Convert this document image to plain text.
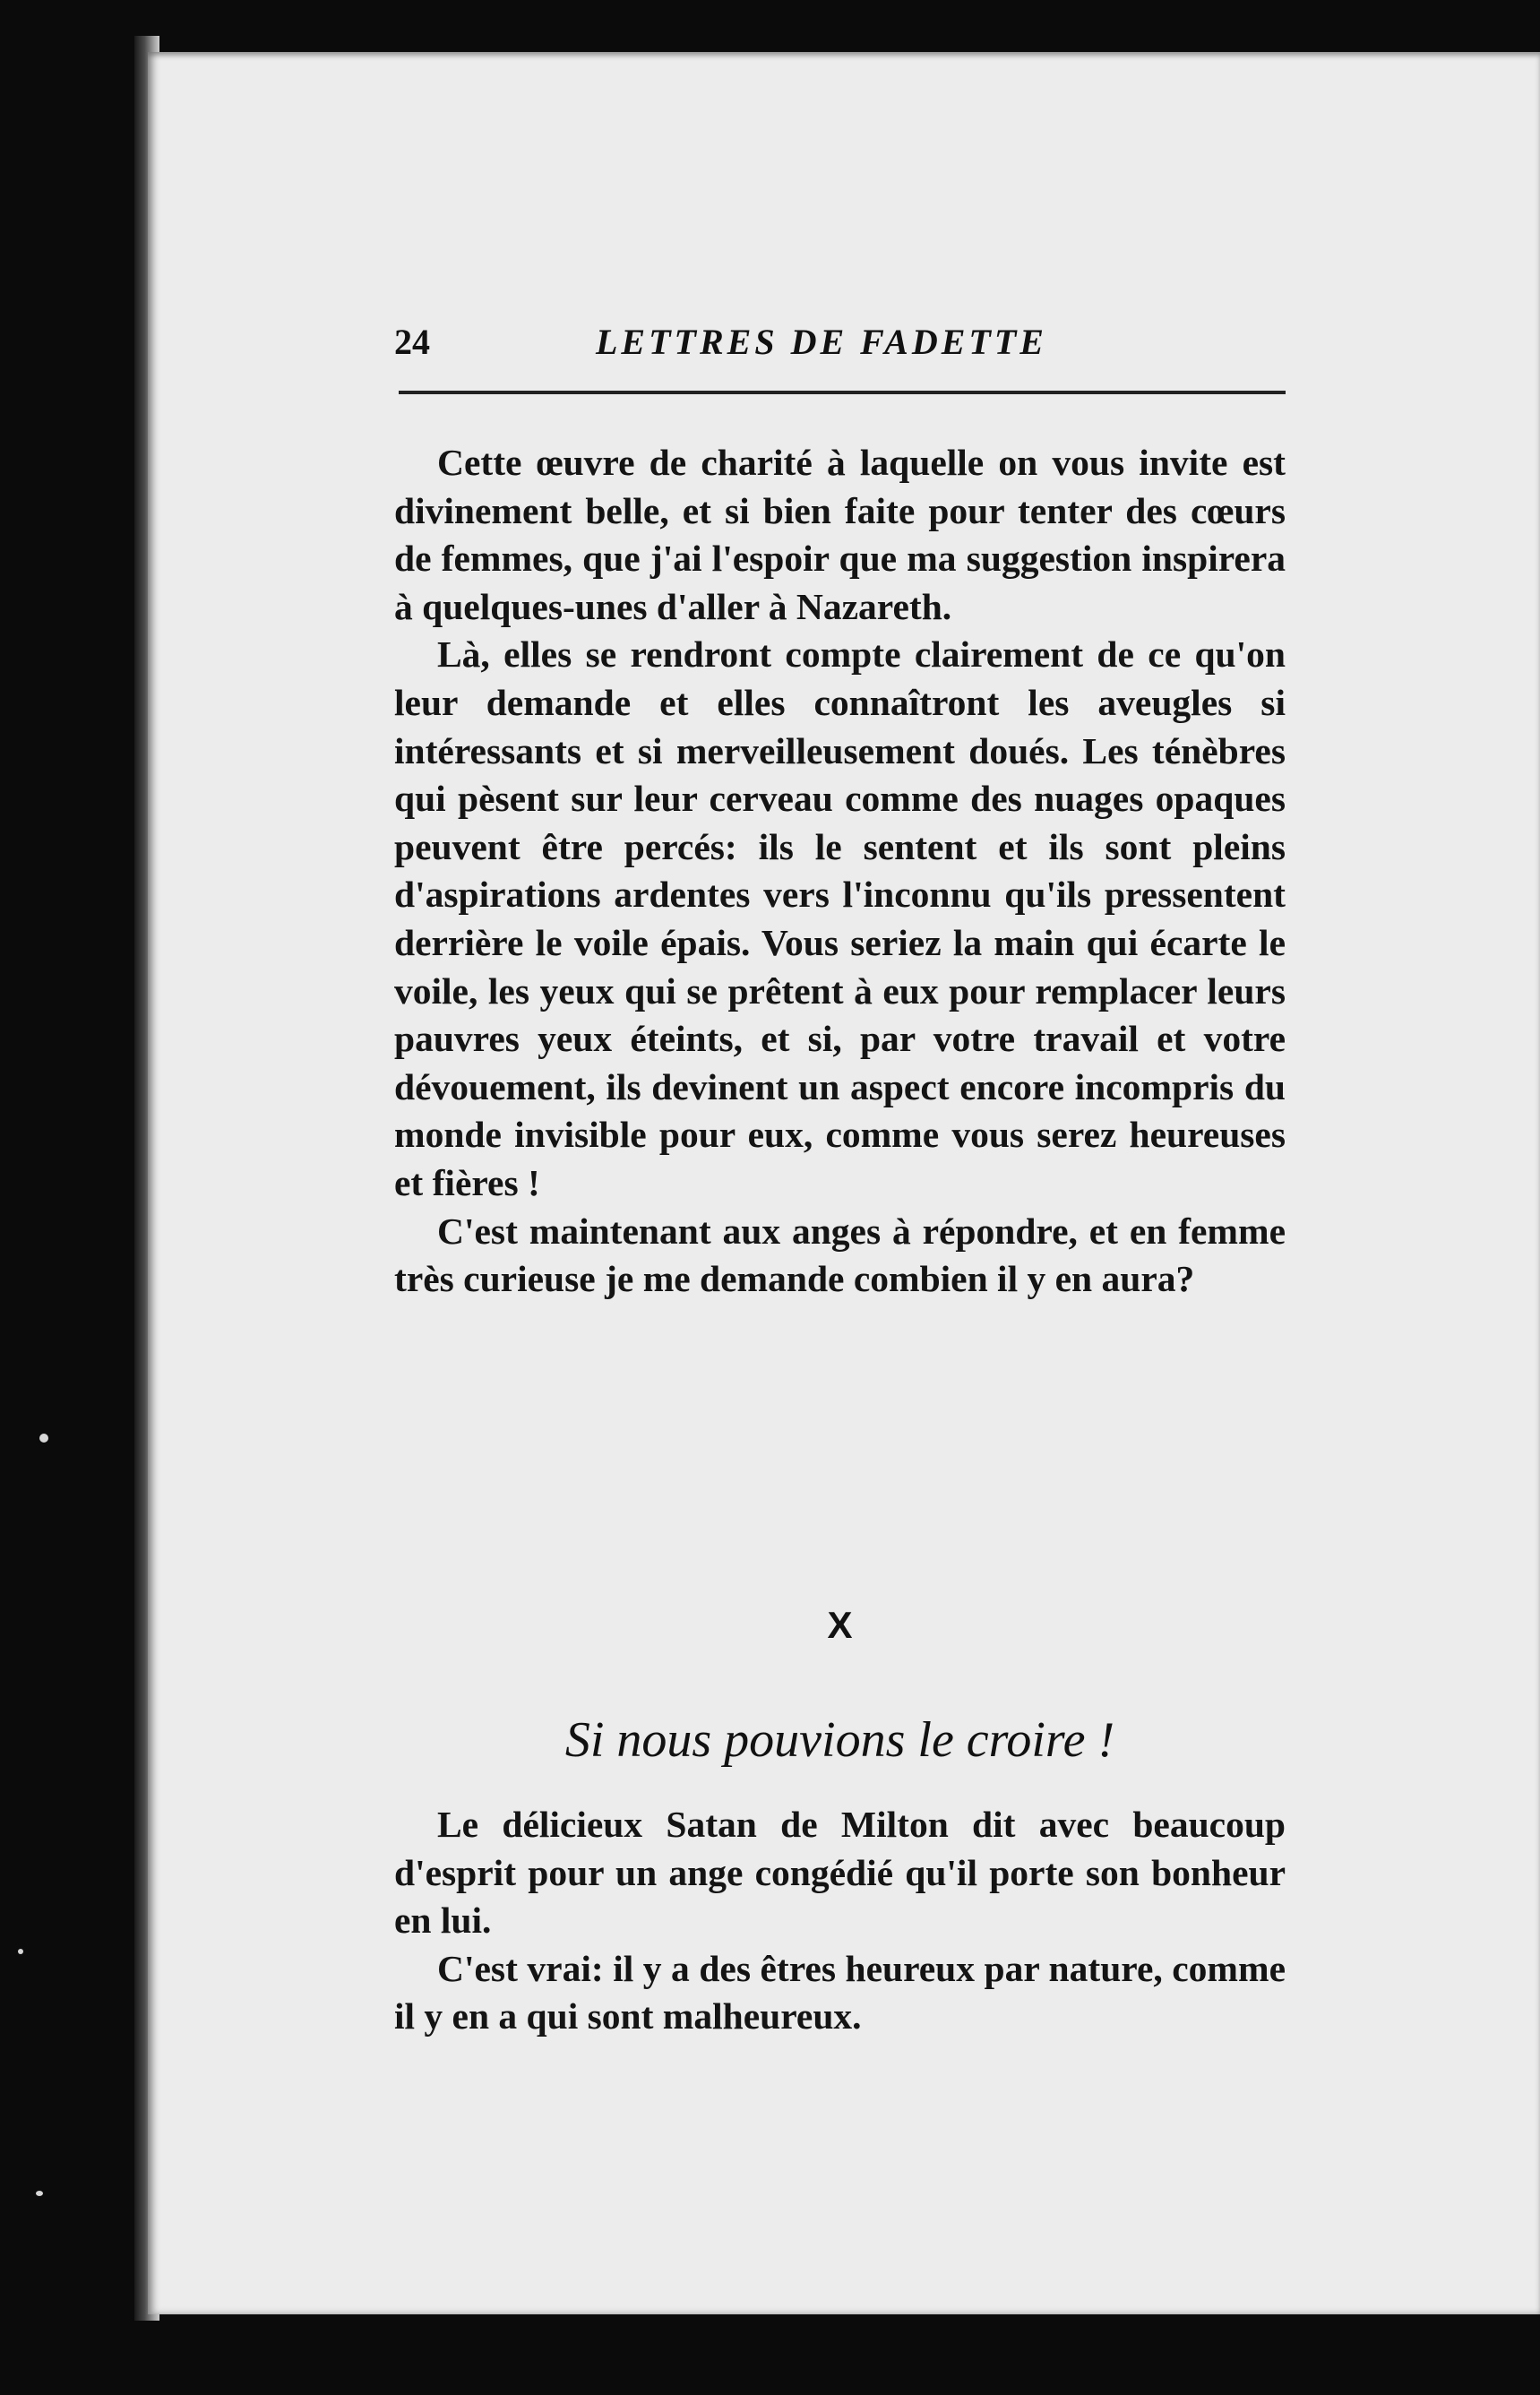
24	LETTRES DE FADETTE

Cette œuvre de charité à laquelle on vous invite est divinement belle, et si bien faite pour tenter des cœurs de femmes, que j'ai l'espoir que ma suggestion inspirera à quelques-unes d'aller à Nazareth.

Là, elles se rendront compte clairement de ce qu'on leur demande et elles connaîtront les aveugles si intéressants et si merveilleusement doués. Les ténèbres qui pèsent sur leur cerveau comme des nuages opaques peuvent être percés: ils le sentent et ils sont pleins d'aspirations ardentes vers l'inconnu qu'ils pressentent derrière le voile épais. Vous seriez la main qui écarte le voile, les yeux qui se prêtent à eux pour remplacer leurs pauvres yeux éteints, et si, par votre travail et votre dévouement, ils devinent un aspect encore incompris du monde invisible pour eux, comme vous serez heureuses et fières !

C'est maintenant aux anges à répondre, et en femme très curieuse je me demande combien il y en aura?

X
Si nous pouvions le croire !

Le délicieux Satan de Milton dit avec beaucoup d'esprit pour un ange congédié qu'il porte son bonheur en lui.

C'est vrai: il y a des êtres heureux par nature, comme il y en a qui sont malheureux.
